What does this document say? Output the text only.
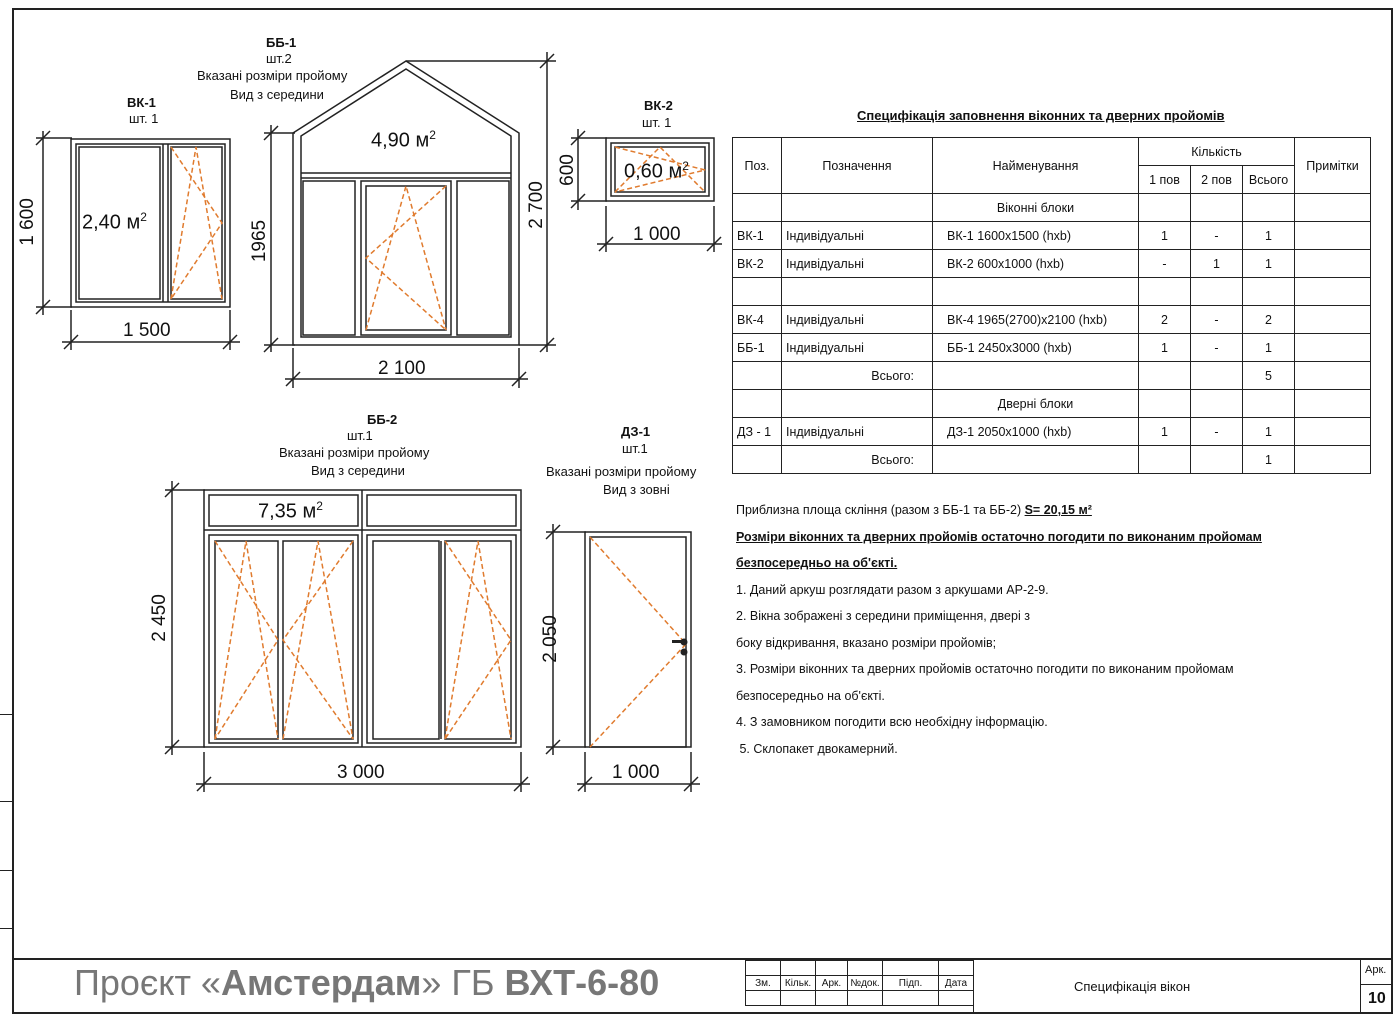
ВК-1
шт. 1
2,40 $м^2$
1 500
1 600
ББ-1
шт.2
Вказані розміри пройому
Вид з середини
4,90 $м^2$
2 100
1965
2 700
ВК-2
шт. 1
0,60 $м^2$
1 000
600
ББ-2
шт.1
Вказані розміри пройому
Вид з середини
7,35 $м^2$
3 000
2 450
ДЗ-1
шт.1
Вказані розміри пройому
Вид з зовні
1 000
2 050
Специфікація заповнення віконних та дверних пройомів
Поз.	Позначення	Найменування	Кількість			Примітки
			1 пов	2 пов	Всього	
		Віконні блоки				
ВК-1	Індивідуальні	ВК-1 1600х1500 (hxb)	1	-	1	
ВК-2	Індивідуальні	ВК-2 600х1000 (hxb)	-	1	1	

ВК-4	Індивідуальні	ВК-4 1965(2700)х2100 (hxb)	2	-	2	
ББ-1	Індивідуальні	ББ-1 2450х3000 (hxb)	1	-	1	
	Всього:				5	
		Дверні блоки				
ДЗ - 1	Індивідуальні	ДЗ-1 2050х1000 (hxb)	1	-	1	
	Всього:				1	
Приблизна площа скління (разом з ББ-1 та ББ-2) S= 20,15 м²
Розміри віконних та дверних пройомів остаточно погодити по виконаним пройомам
безпосередньо на об'єкті.
1. Даний аркуш розглядати разом з аркушами АР-2-9.
2. Вікна зображені з середини приміщення, двері з
боку відкривання, вказано розміри пройомів;
3. Розміри віконних та дверних пройомів остаточно погодити по виконаним пройомам
безпосередньо на об'єкті.
4. З замовником погодити всю необхідну інформацію.
5. Склопакет двокамерний.
Проєкт «Амстердам» ГБ ВХТ-6-80
						Зм.	Кільк.	Арк.	№док.	Підп.	Дата
						Специфікація вікон
Арк.
10
